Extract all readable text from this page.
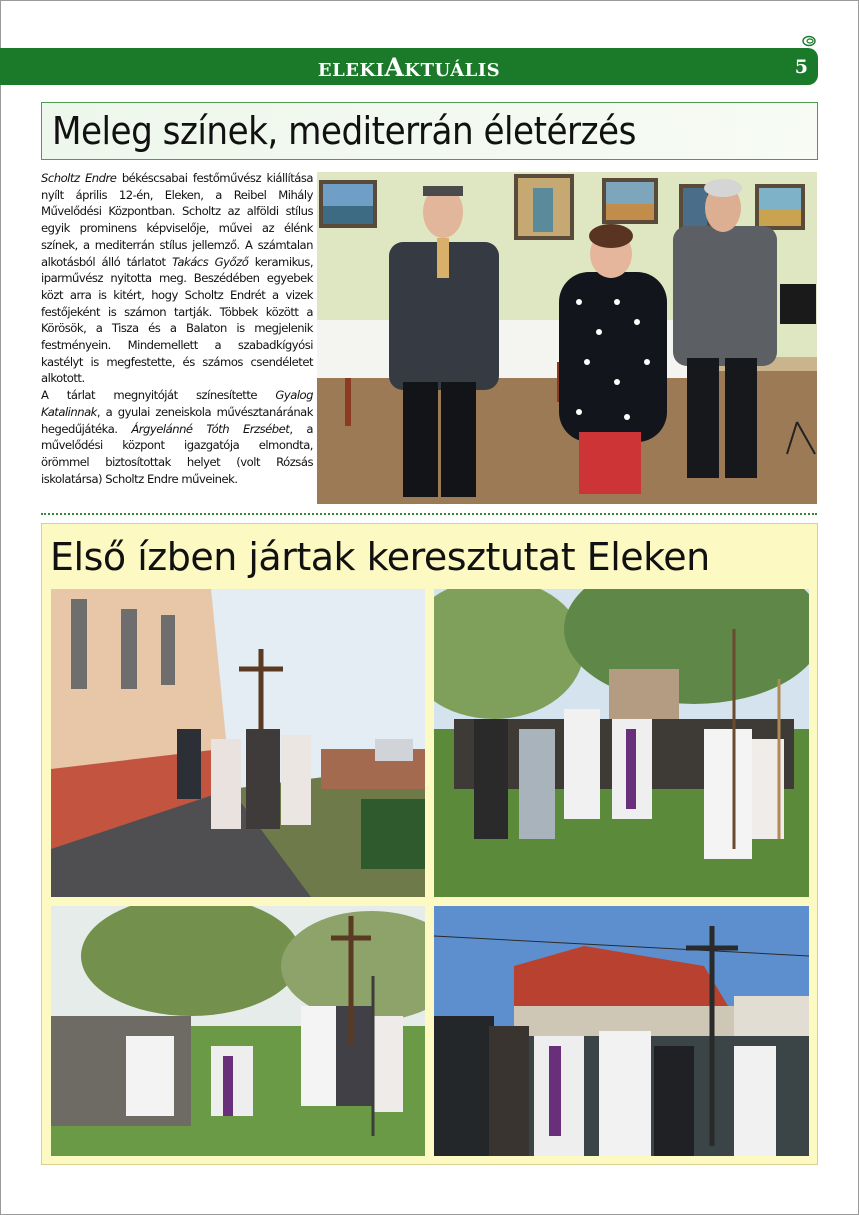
ELEKIAKTUÁLIS	5
Meleg színek, mediterrán életérzés

Scholtz Endre békéscsabai festőművész kiállítása nyílt április 12-én, Eleken, a Reibel Mihály Művelődési Központban. Scholtz az alföldi stílus egyik prominens képviselője, művei az élénk színek, a mediterrán stílus jellemző. A számtalan alkotásból álló tárlatot Takács Győző keramikus, iparművész nyitotta meg. Beszédében egyebek közt arra is kitért, hogy Scholtz Endrét a vizek festőjeként is számon tartják. Többek között a Körösök, a Tisza és a Balaton is megjelenik festményein. Mindemellett a szabadkígyósi kastélyt is megfestette, és számos csendéletet alkotott.

A tárlat megnyitóját színesítette Gyalog Katalinnak, a gyulai zeneiskola művésztanárának hegedűjátéka. Árgyelánné Tóth Erzsébet, a művelődési központ igazgatója elmondta, örömmel biztosítottak helyet (volt Rózsás iskolatársa) Scholtz Endre műveinek.

Első ízben jártak keresztutat Eleken
